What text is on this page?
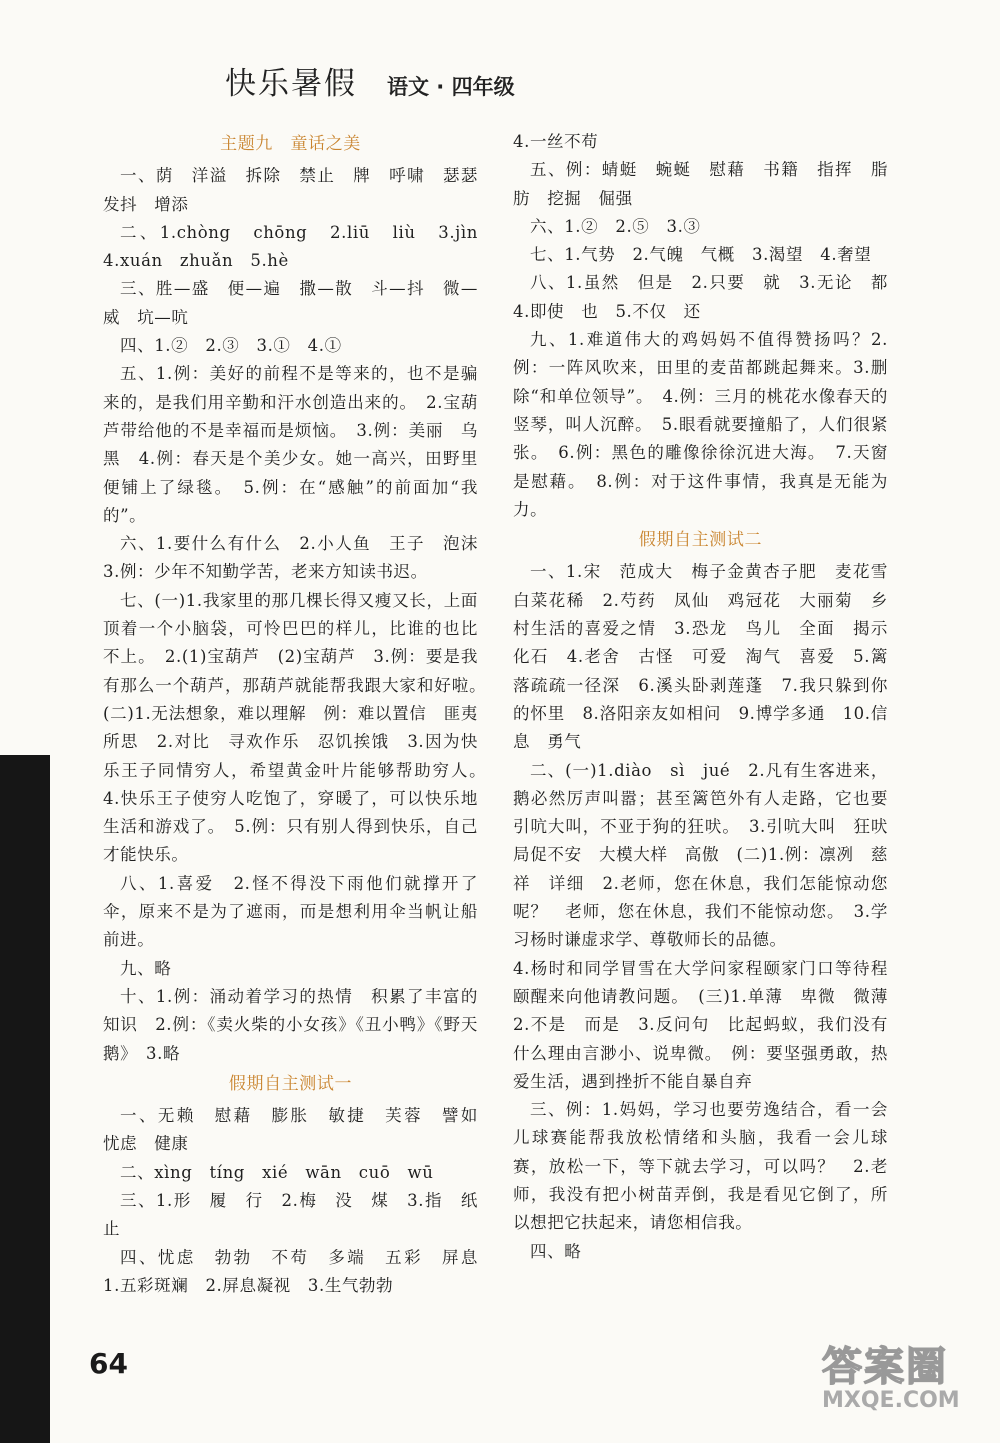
快乐暑假 语文 · 四年级
主题九　童话之美

一、荫　洋溢　拆除　禁止　牌　呼啸　瑟瑟发抖　增添

二、1.chòng　chōng　2.liū　liù　3.jìn　4.xuán　zhuǎn　5.hè

三、胜—盛　便—遍　撒—散　斗—抖　微—威　坑—吭

四、1.②　2.③　3.①　4.①

五、1.例：美好的前程不是等来的，也不是骗来的，是我们用辛勤和汗水创造出来的。　2.宝葫芦带给他的不是幸福而是烦恼。　3.例：美丽　乌黑　4.例：春天是个美少女。她一高兴，田野里便铺上了绿毯。　5.例：在“感触”的前面加“我的”。

六、1.要什么有什么　2.小人鱼　王子　泡沫　3.例：少年不知勤学苦，老来方知读书迟。

七、(一)1.我家里的那几棵长得又瘦又长，上面顶着一个小脑袋，可怜巴巴的样儿，比谁的也比不上。　2.(1)宝葫芦　(2)宝葫芦　3.例：要是我有那么一个葫芦，那葫芦就能帮我跟大家和好啦。　(二)1.无法想象，难以理解　例：难以置信　匪夷所思　2.对比　寻欢作乐　忍饥挨饿　3.因为快乐王子同情穷人，希望黄金叶片能够帮助穷人。　4.快乐王子使穷人吃饱了，穿暖了，可以快乐地生活和游戏了。　5.例：只有别人得到快乐，自己才能快乐。

八、1.喜爱　2.怪不得没下雨他们就撑开了伞，原来不是为了遮雨，而是想利用伞当帆让船前进。

九、略

十、1.例：涌动着学习的热情　积累了丰富的知识　2.例：《卖火柴的小女孩》《丑小鸭》《野天鹅》　3.略

假期自主测试一

一、无赖　慰藉　膨胀　敏捷　芙蓉　譬如　忧虑　健康

二、xìng　tíng　xié　wān　cuō　wū

三、1.形　履　行　2.梅　没　煤　3.指　纸　止

四、忧虑　勃勃　不苟　多端　五彩　屏息　1.五彩斑斓　2.屏息凝视　3.生气勃勃

4.一丝不苟

五、例：蜻蜓　蜿蜒　慰藉　书籍　指挥　脂肪　挖掘　倔强

六、1.②　2.⑤　3.③

七、1.气势　2.气魄　气概　3.渴望　4.奢望

八、1.虽然　但是　2.只要　就　3.无论　都　4.即使　也　5.不仅　还

九、1.难道伟大的鸡妈妈不值得赞扬吗？2.例：一阵风吹来，田里的麦苗都跳起舞来。3.删除“和单位领导”。　4.例：三月的桃花水像春天的竖琴，叫人沉醉。　5.眼看就要撞船了，人们很紧张。　6.例：黑色的雕像徐徐沉进大海。　7.天窗是慰藉。　8.例：对于这件事情，我真是无能为力。

假期自主测试二

一、1.宋　范成大　梅子金黄杏子肥　麦花雪白菜花稀　2.芍药　凤仙　鸡冠花　大丽菊　乡村生活的喜爱之情　3.恐龙　鸟儿　全面　揭示　化石　4.老舍　古怪　可爱　淘气　喜爱　5.篱落疏疏一径深　6.溪头卧剥莲蓬　7.我只躲到你的怀里　8.洛阳亲友如相问　9.博学多通　10.信息　勇气

二、(一)1.diào　sì　jué　2.凡有生客进来，鹅必然厉声叫嚣；甚至篱笆外有人走路，它也要引吭大叫，不亚于狗的狂吠。　3.引吭大叫　狂吠　局促不安　大模大样　高傲　(二)1.例：凛冽　慈祥　详细　2.老师，您在休息，我们怎能惊动您呢？　老师，您在休息，我们不能惊动您。　3.学习杨时谦虚求学、尊敬师长的品德。

4.杨时和同学冒雪在大学问家程颐家门口等待程颐醒来向他请教问题。　(三)1.单薄　卑微　微薄　2.不是　而是　3.反问句　比起蚂蚁，我们没有什么理由言渺小、说卑微。　例：要坚强勇敢，热爱生活，遇到挫折不能自暴自弃

三、例：1.妈妈，学习也要劳逸结合，看一会儿球赛能帮我放松情绪和头脑，我看一会儿球赛，放松一下，等下就去学习，可以吗？　2.老师，我没有把小树苗弄倒，我是看见它倒了，所以想把它扶起来，请您相信我。

四、略

64	答案圈
MXQE.COM
